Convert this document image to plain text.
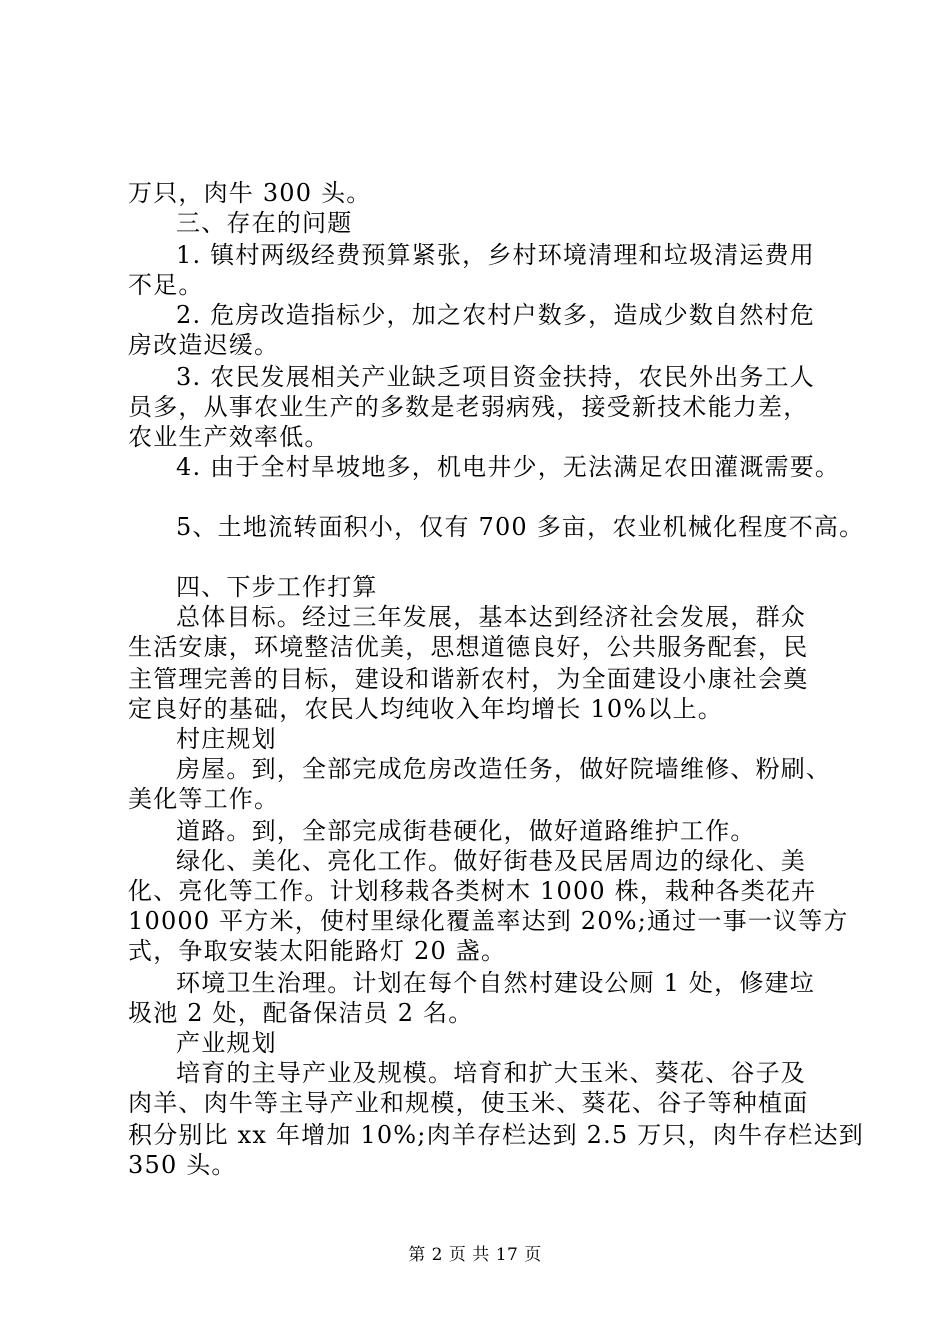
万只，肉牛 300 头。
三、存在的问题
1. 镇村两级经费预算紧张，乡村环境清理和垃圾清运费用
不足。
2. 危房改造指标少，加之农村户数多，造成少数自然村危
房改造迟缓。
3. 农民发展相关产业缺乏项目资金扶持，农民外出务工人
员多，从事农业生产的多数是老弱病残，接受新技术能力差，
农业生产效率低。
4. 由于全村旱坡地多，机电井少，无法满足农田灌溉需要。
5、土地流转面积小，仅有 700 多亩，农业机械化程度不高。
四、下步工作打算
总体目标。经过三年发展，基本达到经济社会发展，群众
生活安康，环境整洁优美，思想道德良好，公共服务配套，民
主管理完善的目标，建设和谐新农村，为全面建设小康社会奠
定良好的基础，农民人均纯收入年均增长 10%以上。
村庄规划
房屋。到，全部完成危房改造任务，做好院墙维修、粉刷、
美化等工作。
道路。到，全部完成街巷硬化，做好道路维护工作。
绿化、美化、亮化工作。做好街巷及民居周边的绿化、美
化、亮化等工作。计划移栽各类树木 1000 株，栽种各类花卉
10000 平方米，使村里绿化覆盖率达到 20%;通过一事一议等方
式，争取安装太阳能路灯 20 盏。
环境卫生治理。计划在每个自然村建设公厕 1 处，修建垃
圾池 2 处，配备保洁员 2 名。
产业规划
培育的主导产业及规模。培育和扩大玉米、葵花、谷子及
肉羊、肉牛等主导产业和规模，使玉米、葵花、谷子等种植面
积分别比 xx 年增加 10%;肉羊存栏达到 2.5 万只，肉牛存栏达到
350 头。
第 2 页 共 17 页
